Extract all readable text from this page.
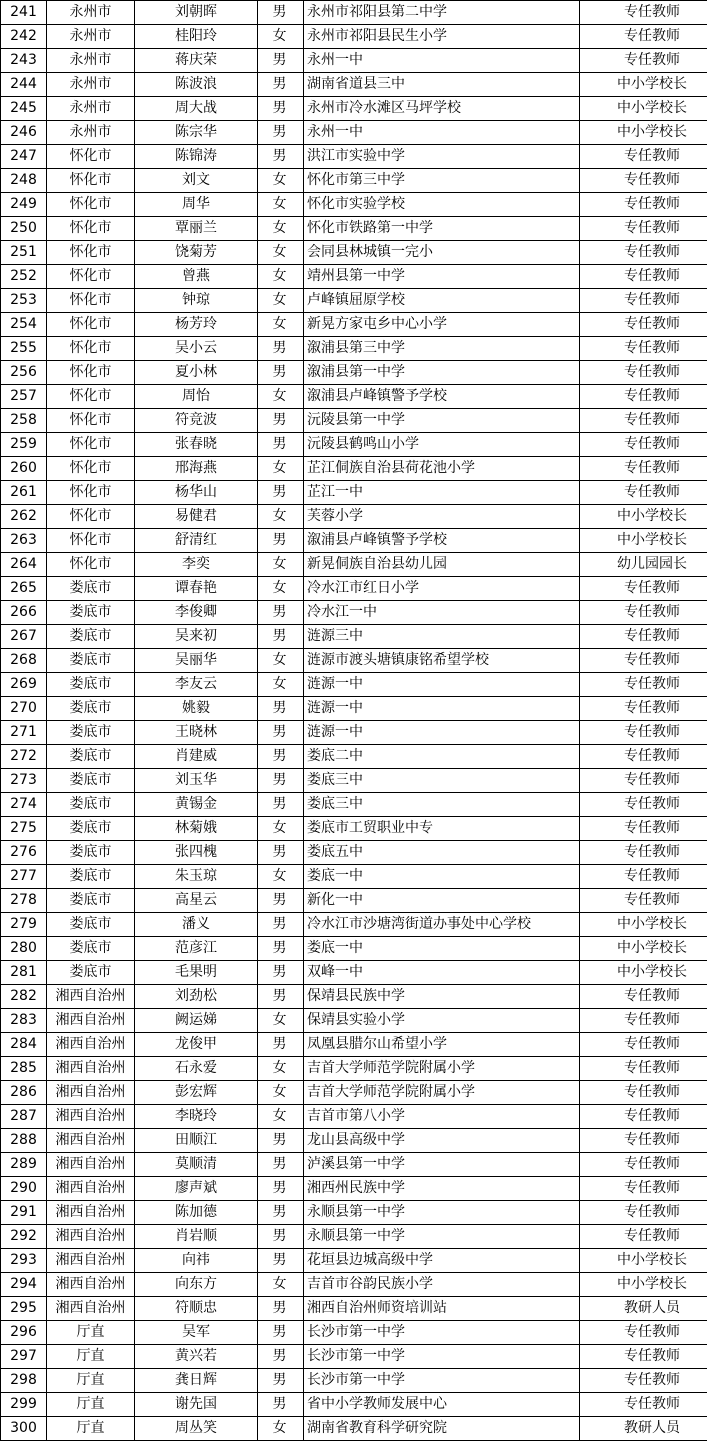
241	永州市	刘朝晖	男	永州市祁阳县第二中学	专任教师
242	永州市	桂阳玲	女	永州市祁阳县民生小学	专任教师
243	永州市	蒋庆荣	男	永州一中	专任教师
244	永州市	陈波浪	男	湖南省道县三中	中小学校长
245	永州市	周大战	男	永州市冷水滩区马坪学校	中小学校长
246	永州市	陈宗华	男	永州一中	中小学校长
247	怀化市	陈锦涛	男	洪江市实验中学	专任教师
248	怀化市	刘文	女	怀化市第三中学	专任教师
249	怀化市	周华	女	怀化市实验学校	专任教师
250	怀化市	覃丽兰	女	怀化市铁路第一中学	专任教师
251	怀化市	饶菊芳	女	会同县林城镇一完小	专任教师
252	怀化市	曾燕	女	靖州县第一中学	专任教师
253	怀化市	钟琼	女	卢峰镇屈原学校	专任教师
254	怀化市	杨芳玲	女	新晃方家屯乡中心小学	专任教师
255	怀化市	吴小云	男	溆浦县第三中学	专任教师
256	怀化市	夏小林	男	溆浦县第一中学	专任教师
257	怀化市	周怡	女	溆浦县卢峰镇警予学校	专任教师
258	怀化市	符竞波	男	沅陵县第一中学	专任教师
259	怀化市	张春晓	男	沅陵县鹤鸣山小学	专任教师
260	怀化市	邢海燕	女	芷江侗族自治县荷花池小学	专任教师
261	怀化市	杨华山	男	芷江一中	专任教师
262	怀化市	易健君	女	芙蓉小学	中小学校长
263	怀化市	舒清红	男	溆浦县卢峰镇警予学校	中小学校长
264	怀化市	李奕	女	新晃侗族自治县幼儿园	幼儿园园长
265	娄底市	谭春艳	女	冷水江市红日小学	专任教师
266	娄底市	李俊卿	男	冷水江一中	专任教师
267	娄底市	吴来初	男	涟源三中	专任教师
268	娄底市	吴丽华	女	涟源市渡头塘镇康铭希望学校	专任教师
269	娄底市	李友云	女	涟源一中	专任教师
270	娄底市	姚毅	男	涟源一中	专任教师
271	娄底市	王晓林	男	涟源一中	专任教师
272	娄底市	肖建威	男	娄底二中	专任教师
273	娄底市	刘玉华	男	娄底三中	专任教师
274	娄底市	黄锡金	男	娄底三中	专任教师
275	娄底市	林菊娥	女	娄底市工贸职业中专	专任教师
276	娄底市	张四槐	男	娄底五中	专任教师
277	娄底市	朱玉琼	女	娄底一中	专任教师
278	娄底市	高星云	男	新化一中	专任教师
279	娄底市	潘义	男	冷水江市沙塘湾街道办事处中心学校	中小学校长
280	娄底市	范彦江	男	娄底一中	中小学校长
281	娄底市	毛果明	男	双峰一中	中小学校长
282	湘西自治州	刘劲松	男	保靖县民族中学	专任教师
283	湘西自治州	阙运娣	女	保靖县实验小学	专任教师
284	湘西自治州	龙俊甲	男	凤凰县腊尔山希望小学	专任教师
285	湘西自治州	石永爱	女	吉首大学师范学院附属小学	专任教师
286	湘西自治州	彭宏辉	女	吉首大学师范学院附属小学	专任教师
287	湘西自治州	李晓玲	女	吉首市第八小学	专任教师
288	湘西自治州	田顺江	男	龙山县高级中学	专任教师
289	湘西自治州	莫顺清	男	泸溪县第一中学	专任教师
290	湘西自治州	廖声斌	男	湘西州民族中学	专任教师
291	湘西自治州	陈加德	男	永顺县第一中学	专任教师
292	湘西自治州	肖岩顺	男	永顺县第一中学	专任教师
293	湘西自治州	向祎	男	花垣县边城高级中学	中小学校长
294	湘西自治州	向东方	女	吉首市谷韵民族小学	中小学校长
295	湘西自治州	符顺忠	男	湘西自治州师资培训站	教研人员
296	厅直	吴军	男	长沙市第一中学	专任教师
297	厅直	黄兴若	男	长沙市第一中学	专任教师
298	厅直	龚日辉	男	长沙市第一中学	专任教师
299	厅直	谢先国	男	省中小学教师发展中心	专任教师
300	厅直	周丛笑	女	湖南省教育科学研究院	教研人员
